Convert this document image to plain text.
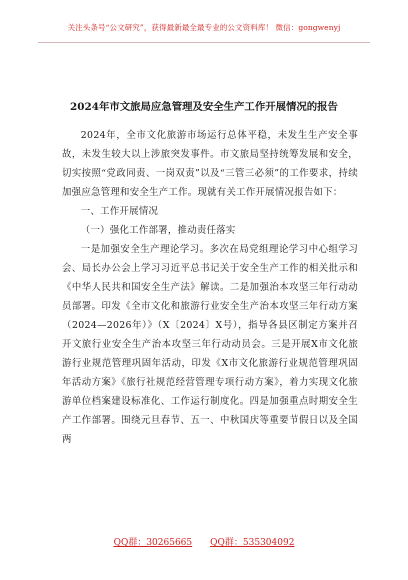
关注头条号“公文研究”，获得最新最全最专业的公文资料库！ 微信：gongwenyj
2024年市文旅局应急管理及安全生产工作开展情况的报告

2024年，全市文化旅游市场运行总体平稳，未发生生产安全事故，未发生较大以上涉旅突发事件。市文旅局坚持统筹发展和安全，切实按照“党政同责、一岗双责”以及“三管三必须”的工作要求，持续加强应急管理和安全生产工作。现就有关工作开展情况报告如下：

一、工作开展情况

（一）强化工作部署，推动责任落实

一是加强安全生产理论学习。多次在局党组理论学习中心组学习会、局长办公会上学习习近平总书记关于安全生产工作的相关批示和《中华人民共和国安全生产法》解读。二是加强治本攻坚三年行动动员部署。印发《全市文化和旅游行业安全生产治本攻坚三年行动方案（2024—2026年）》（X〔2024〕X号），指导各县区制定方案并召开文旅行业安全生产治本攻坚三年行动动员会。三是开展X市文化旅游行业规范管理巩固年活动，印发《X市文化旅游行业规范管理巩固年活动方案》《旅行社规范经营管理专项行动方案》，着力实现文化旅游单位档案建设标准化、工作运行制度化。四是加强重点时期安全生产工作部署。围绕元旦春节、五一、中秋国庆等重要节假日以及全国两

QQ群：30265665 QQ群：535304092
